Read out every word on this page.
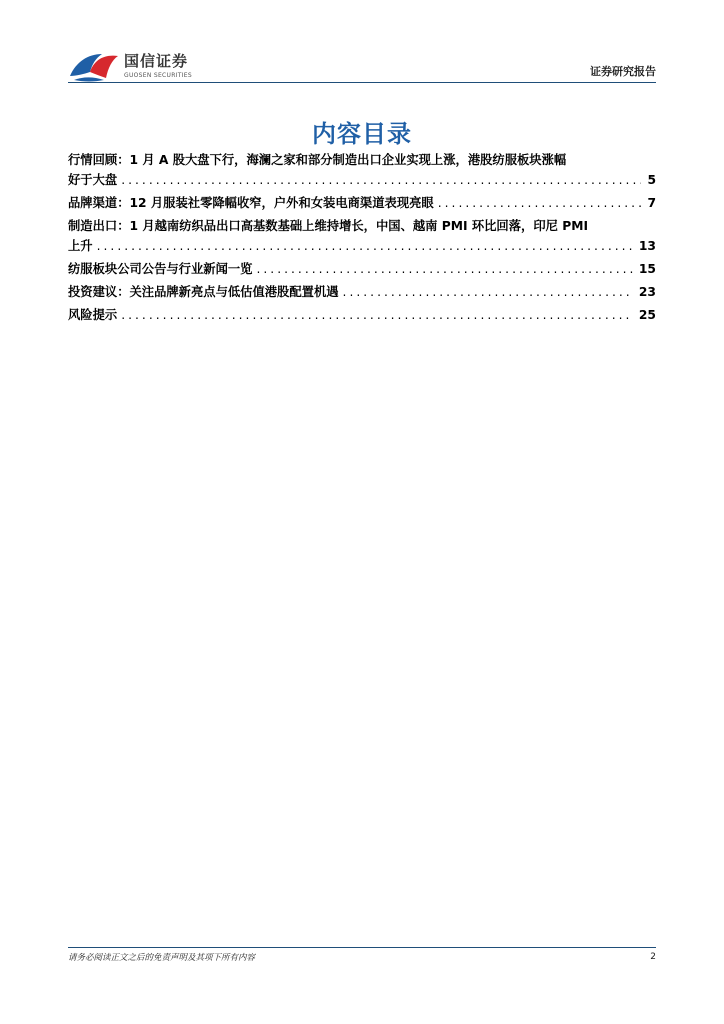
国信证券
GUOSEN SECURITIES	证券研究报告
内容目录
行情回顾：1 月 A 股大盘下行，海澜之家和部分制造出口企业实现上涨，港股纺服板块涨幅
好于大盘 .....	5
品牌渠道：12 月服装社零降幅收窄，户外和女装电商渠道表现亮眼 .....	7
制造出口：1 月越南纺织品出口高基数基础上维持增长，中国、越南 PMI 环比回落，印尼 PMI
上升 .....	13
纺服板块公司公告与行业新闻一览 .....	15
投资建议：关注品牌新亮点与低估值港股配置机遇 .....	23
风险提示 .....	25
请务必阅读正文之后的免责声明及其项下所有内容	2
